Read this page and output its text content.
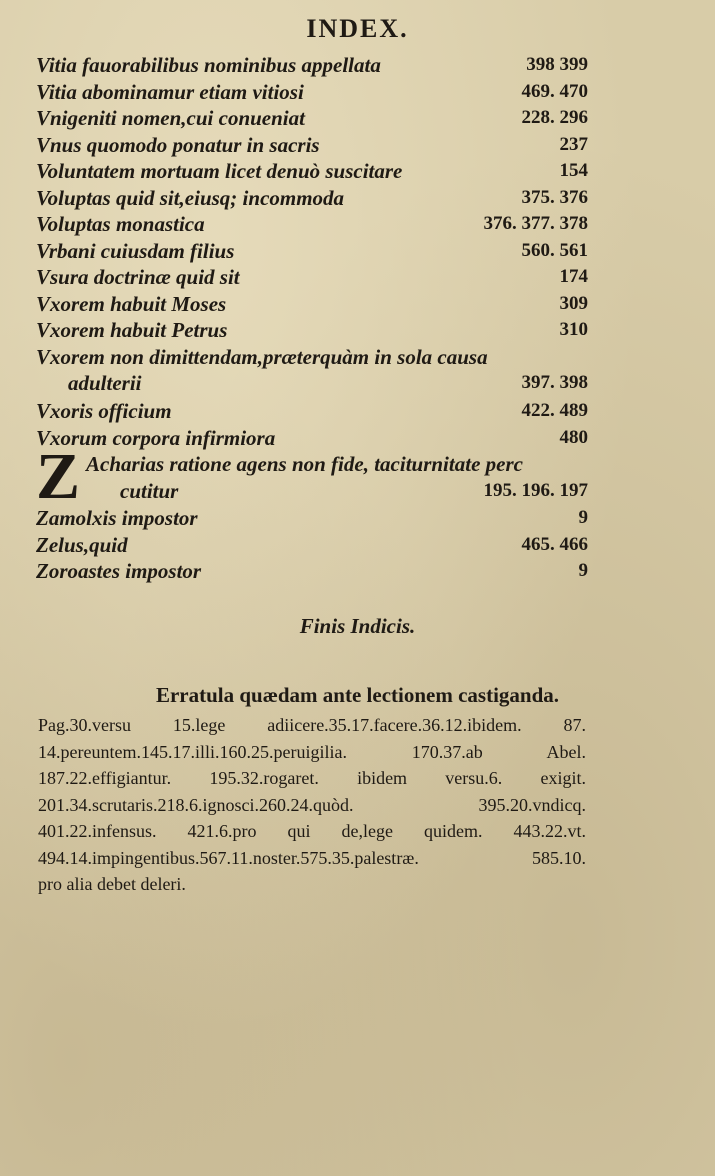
INDEX.
Vitia fauorabilibus nominibus appellata	398 399
Vitia abominamur etiam vitiosi	469. 470
Vnigeniti nomen,cui conueniat	228. 296
Vnus quomodo ponatur in sacris	237
Voluntatem mortuam licet denuò suscitare	154
Voluptas quid sit,eiusq; incommoda	375. 376
Voluptas monastica	376. 377. 378
Vrbani cuiusdam filius	560. 561
Vsura doctrinæ quid sit	174
Vxorem habuit Moses	309
Vxorem habuit Petrus	310
Vxorem non dimittendam,præterquàm in sola causa
adulterii	397. 398
Vxoris officium	422. 489
Vxorum corpora infirmiora	480
Z Acharias ratione agens non fide, taciturnitate perc
cutitur	195. 196. 197
Zamolxis impostor	9
Zelus,quid	465. 466
Zoroastes impostor	9
Finis Indicis.
Erratula quædam ante lectionem castiganda.
Pag.30.versu 15.lege adiicere.35.17.facere.36.12.ibidem. 87.
14.pereuntem.145.17.illi.160.25.peruigilia. 170.37.ab Abel.
187.22.effigiantur. 195.32.rogaret. ibidem versu.6. exigit.
201.34.scrutaris.218.6.ignosci.260.24.quòd. 395.20.vndicq.
401.22.infensus. 421.6.pro qui de,lege quidem. 443.22.vt.
494.14.impingentibus.567.11.noster.575.35.palestræ. 585.10.
pro alia debet deleri.
